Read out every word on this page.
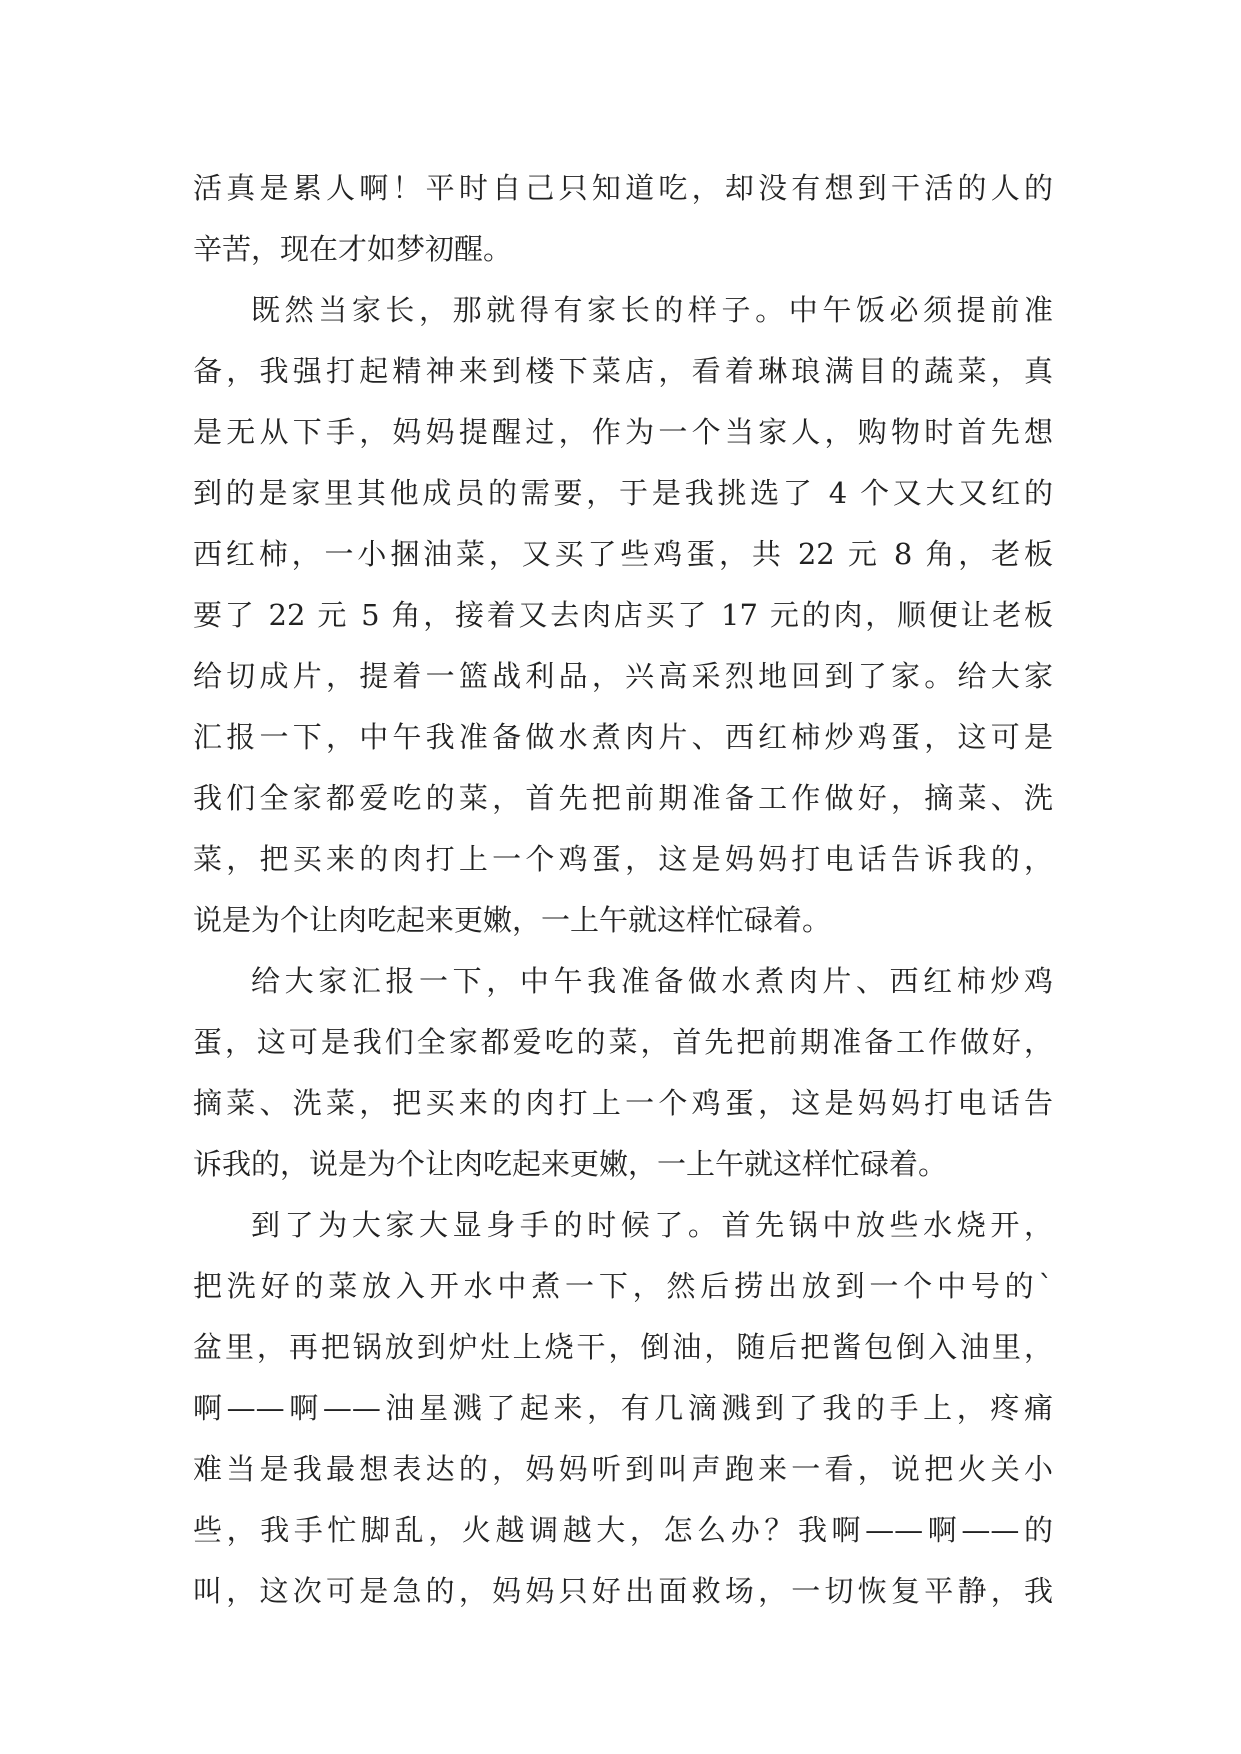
活真是累人啊！平时自己只知道吃，却没有想到干活的人的
辛苦，现在才如梦初醒。
既然当家长，那就得有家长的样子。中午饭必须提前准
备，我强打起精神来到楼下菜店，看着琳琅满目的蔬菜，真
是无从下手，妈妈提醒过，作为一个当家人，购物时首先想
到的是家里其他成员的需要，于是我挑选了 4 个又大又红的
西红柿，一小捆油菜，又买了些鸡蛋，共 22 元 8 角，老板
要了 22 元 5 角，接着又去肉店买了 17 元的肉，顺便让老板
给切成片，提着一篮战利品，兴高采烈地回到了家。给大家
汇报一下，中午我准备做水煮肉片、西红柿炒鸡蛋，这可是
我们全家都爱吃的菜，首先把前期准备工作做好，摘菜、洗
菜，把买来的肉打上一个鸡蛋，这是妈妈打电话告诉我的，
说是为个让肉吃起来更嫩，一上午就这样忙碌着。
给大家汇报一下，中午我准备做水煮肉片、西红柿炒鸡
蛋，这可是我们全家都爱吃的菜，首先把前期准备工作做好，
摘菜、洗菜，把买来的肉打上一个鸡蛋，这是妈妈打电话告
诉我的，说是为个让肉吃起来更嫩，一上午就这样忙碌着。
到了为大家大显身手的时候了。首先锅中放些水烧开，
把洗好的菜放入开水中煮一下，然后捞出放到一个中号的`
盆里，再把锅放到炉灶上烧干，倒油，随后把酱包倒入油里，
啊——啊——油星溅了起来，有几滴溅到了我的手上，疼痛
难当是我最想表达的，妈妈听到叫声跑来一看，说把火关小
些，我手忙脚乱，火越调越大，怎么办？我啊——啊——的
叫，这次可是急的，妈妈只好出面救场，一切恢复平静，我
